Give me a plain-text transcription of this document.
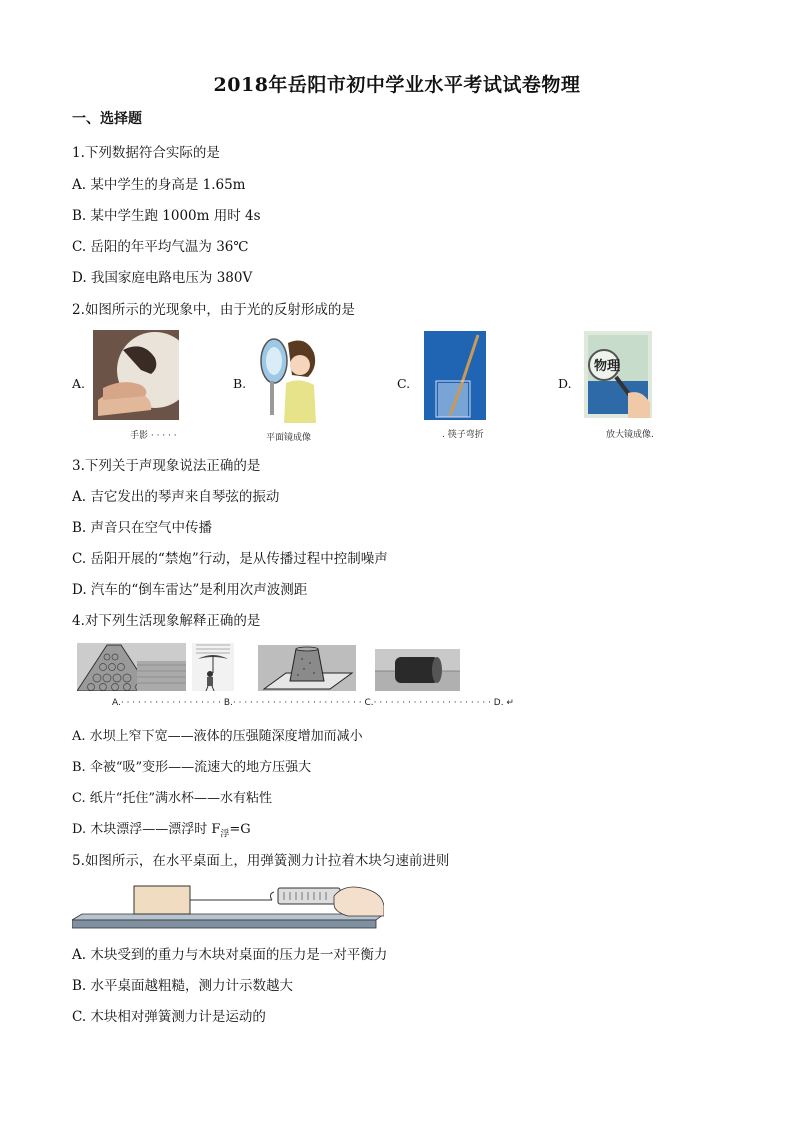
2018年岳阳市初中学业水平考试试卷物理
一、选择题
1.下列数据符合实际的是
A. 某中学生的身高是 1.65m
B. 某中学生跑 1000m 用时 4s
C. 岳阳的年平均气温为 36℃
D. 我国家庭电路电压为 380V
2.如图所示的光现象中，由于光的反射形成的是
A.	B.	C.	D.
物理
手影 · · · · ·	平面镜成像	. 筷子弯折	放大镜成像.
3.下列关于声现象说法正确的是
A. 吉它发出的琴声来自琴弦的振动
B. 声音只在空气中传播
C. 岳阳开展的“禁炮”行动，是从传播过程中控制噪声
D. 汽车的“倒车雷达”是利用次声波测距
4.对下列生活现象解释正确的是
A.· · · · · · · · · · · · · · · · · · B.· · · · · · · · · · · · · · · · · · · · · · · C.· · · · · · · · · · · · · · · · · · · · · D. ↵
A. 水坝上窄下宽——液体的压强随深度增加而减小
B. 伞被“吸”变形——流速大的地方压强大
C. 纸片“托住”满水杯——水有粘性
D. 木块漂浮——漂浮时 $F_浮=G$
5.如图所示，在水平桌面上，用弹簧测力计拉着木块匀速前进则
A. 木块受到的重力与木块对桌面的压力是一对平衡力
B. 水平桌面越粗糙，测力计示数越大
C. 木块相对弹簧测力计是运动的
